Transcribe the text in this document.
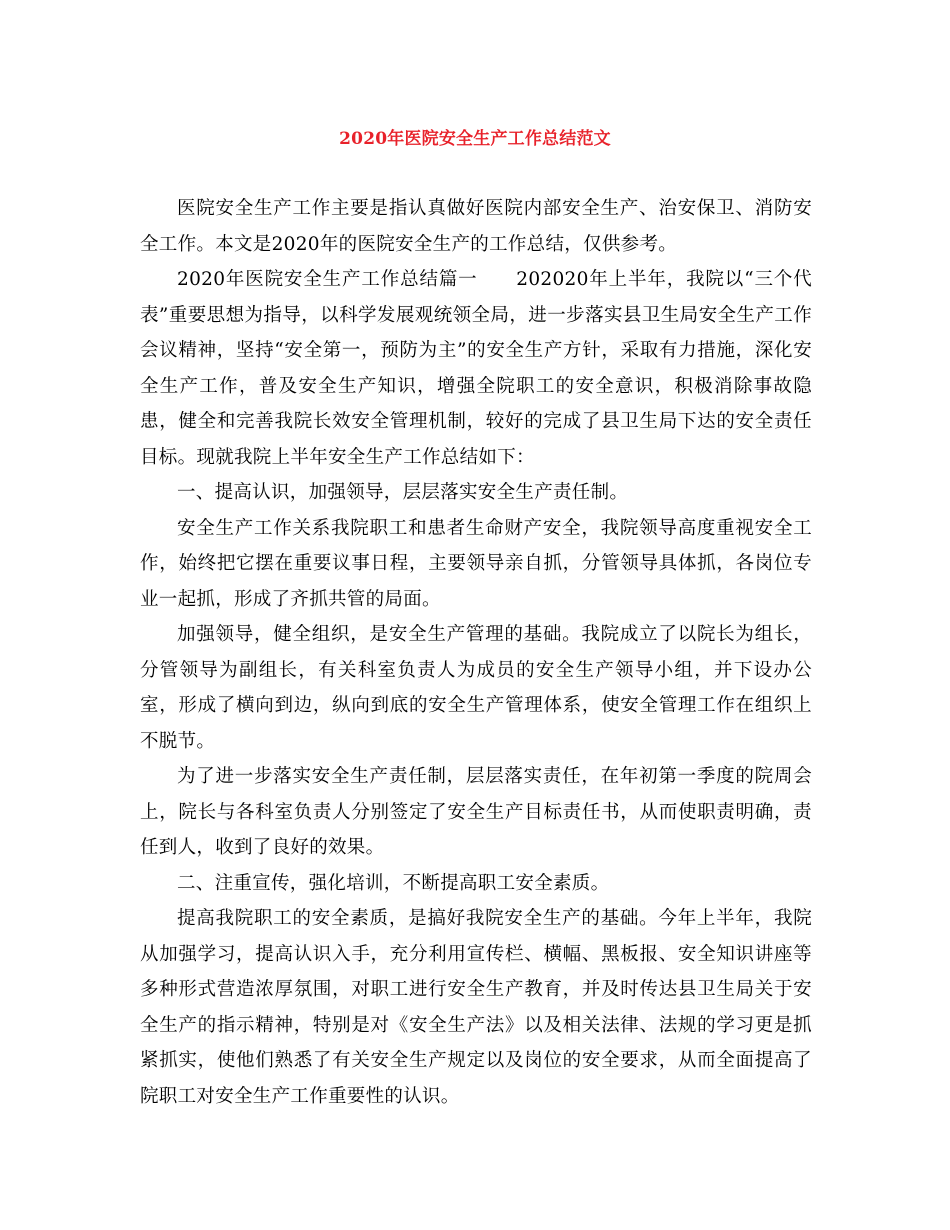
2020年医院安全生产工作总结范文

医院安全生产工作主要是指认真做好医院内部安全生产、治安保卫、消防安全工作。本文是2020年的医院安全生产的工作总结，仅供参考。

2020年医院安全生产工作总结篇一　　202020年上半年，我院以“三个代表”重要思想为指导，以科学发展观统领全局，进一步落实县卫生局安全生产工作会议精神，坚持“安全第一，预防为主”的安全生产方针，采取有力措施，深化安全生产工作，普及安全生产知识，增强全院职工的安全意识，积极消除事故隐患，健全和完善我院长效安全管理机制，较好的完成了县卫生局下达的安全责任目标。现就我院上半年安全生产工作总结如下：

一、提高认识，加强领导，层层落实安全生产责任制。

安全生产工作关系我院职工和患者生命财产安全，我院领导高度重视安全工作，始终把它摆在重要议事日程，主要领导亲自抓，分管领导具体抓，各岗位专业一起抓，形成了齐抓共管的局面。

加强领导，健全组织，是安全生产管理的基础。我院成立了以院长为组长，分管领导为副组长，有关科室负责人为成员的安全生产领导小组，并下设办公室，形成了横向到边，纵向到底的安全生产管理体系，使安全管理工作在组织上不脱节。

为了进一步落实安全生产责任制，层层落实责任，在年初第一季度的院周会上，院长与各科室负责人分别签定了安全生产目标责任书，从而使职责明确，责任到人，收到了良好的效果。

二、注重宣传，强化培训，不断提高职工安全素质。

提高我院职工的安全素质，是搞好我院安全生产的基础。今年上半年，我院从加强学习，提高认识入手，充分利用宣传栏、横幅、黑板报、安全知识讲座等多种形式营造浓厚氛围，对职工进行安全生产教育，并及时传达县卫生局关于安全生产的指示精神，特别是对《安全生产法》以及相关法律、法规的学习更是抓紧抓实，使他们熟悉了有关安全生产规定以及岗位的安全要求，从而全面提高了院职工对安全生产工作重要性的认识。
